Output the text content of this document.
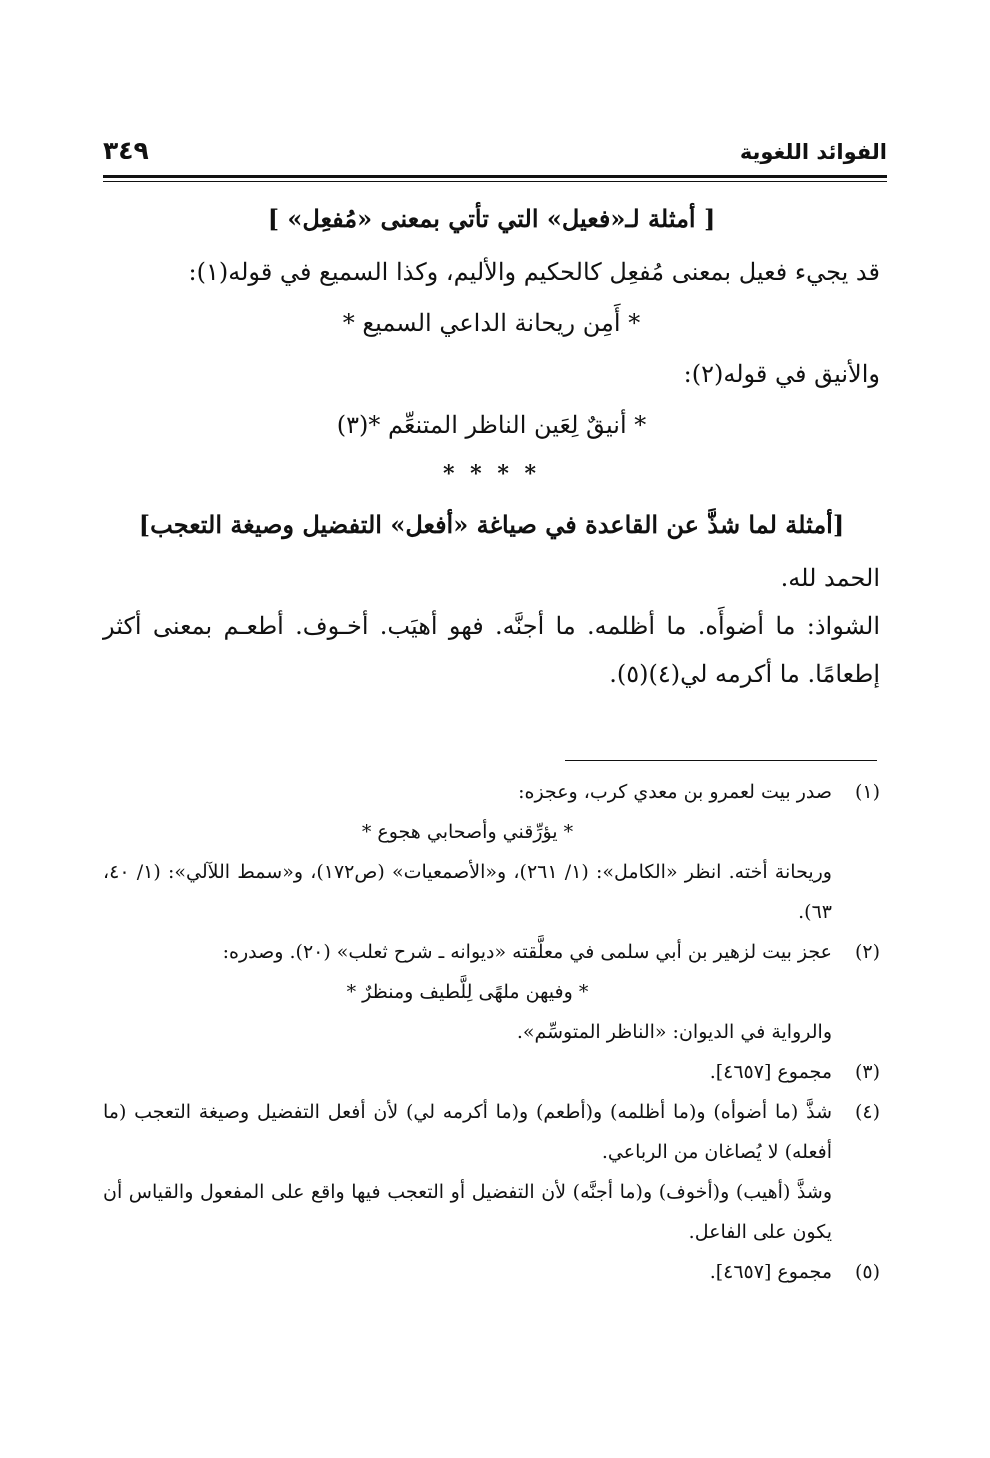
الفوائد اللغوية
٣٤٩
[ أمثلة لـ«فعيل» التي تأتي بمعنى «مُفعِل» ]
قد يجيء فعيل بمعنى مُفعِل كالحكيم والأليم، وكذا السميع في قوله(١):
* أَمِن ريحانة الداعي السميع *
والأنيق في قوله(٢):
* أنيقٌ لِعَين الناظر المتنعِّم *(٣)
* * * *
[أمثلة لما شذَّ عن القاعدة في صياغة «أفعل» التفضيل وصيغة التعجب]
الحمد لله.
الشواذ: ما أضوأَه. ما أظلمه. ما أجنَّه. فهو أهيَب. أخـوف. أطعـم بمعنى أكثر إطعامًا. ما أكرمه لي(٤)(٥).
(١)
صدر بيت لعمرو بن معدي كرب، وعجزه:
* يؤرِّقني وأصحابي هجوع *
وريحانة أخته. انظر «الكامل»: (١/ ٢٦١)، و«الأصمعيات» (ص١٧٢)، و«سمط اللآلي»: (١/ ٤٠، ٦٣).
(٢)
عجز بيت لزهير بن أبي سلمى في معلَّقته «ديوانه ـ شرح ثعلب» (٢٠). وصدره:
* وفيهن ملهًى لِلَّطيف ومنظرٌ *
والرواية في الديوان: «الناظر المتوسِّم».
(٣)
مجموع [٤٦٥٧].
(٤)
شذَّ (ما أضوأه) و(ما أظلمه) و(أطعم) و(ما أكرمه لي) لأن أفعل التفضيل وصيغة التعجب (ما أفعله) لا يُصاغان من الرباعي.
وشذَّ (أهيب) و(أخوف) و(ما أجنَّه) لأن التفضيل أو التعجب فيها واقع على المفعول والقياس أن يكون على الفاعل.
(٥)
مجموع [٤٦٥٧].
